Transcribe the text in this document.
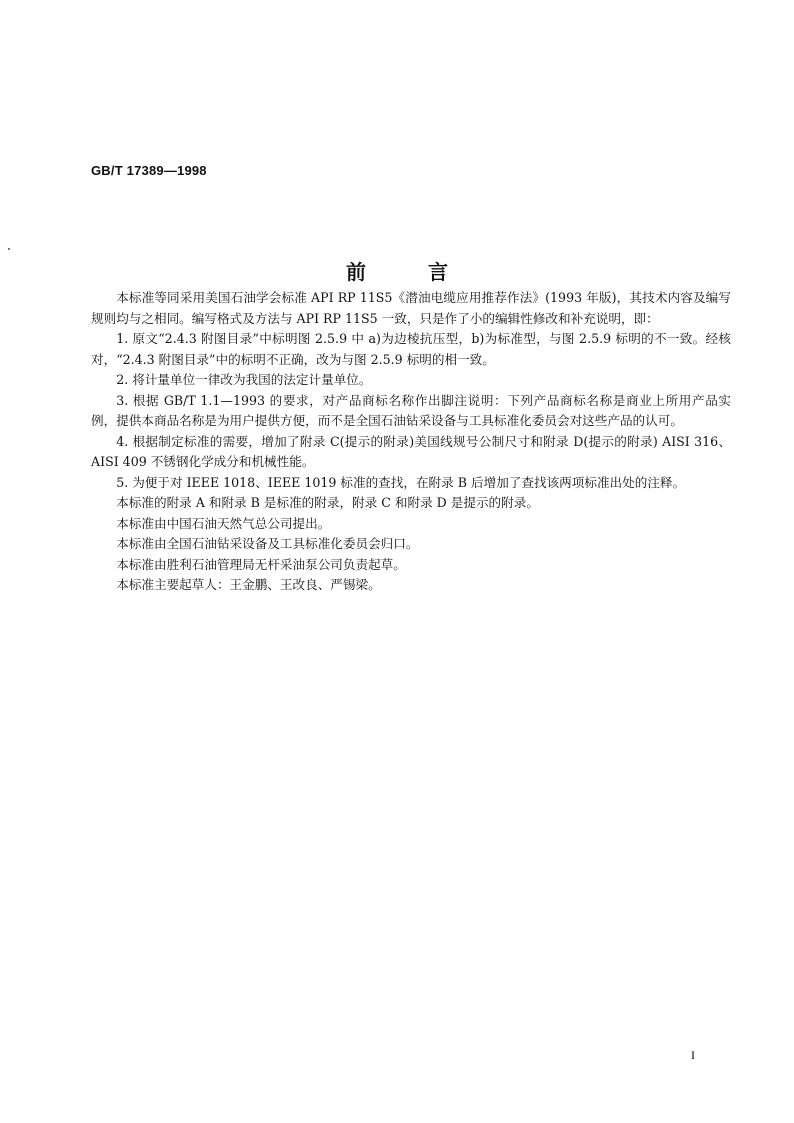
GB/T 17389—1998
前	言

本标准等同采用美国石油学会标准 API RP 11S5《潜油电缆应用推荐作法》(1993 年版)，其技术内容及编写规则均与之相同。编写格式及方法与 API RP 11S5 一致，只是作了小的编辑性修改和补充说明，即：

1. 原文“2.4.3 附图目录”中标明图 2.5.9 中 a)为边棱抗压型，b)为标准型，与图 2.5.9 标明的不一致。经核对，“2.4.3 附图目录”中的标明不正确，改为与图 2.5.9 标明的相一致。

2. 将计量单位一律改为我国的法定计量单位。

3. 根据 GB/T 1.1—1993 的要求，对产品商标名称作出脚注说明：下列产品商标名称是商业上所用产品实例，提供本商品名称是为用户提供方便，而不是全国石油钻采设备与工具标准化委员会对这些产品的认可。

4. 根据制定标准的需要，增加了附录 C(提示的附录)美国线规号公制尺寸和附录 D(提示的附录) AISI 316、AISI 409 不锈钢化学成分和机械性能。

5. 为便于对 IEEE 1018、IEEE 1019 标准的查找，在附录 B 后增加了查找该两项标准出处的注释。

本标准的附录 A 和附录 B 是标准的附录，附录 C 和附录 D 是提示的附录。

本标准由中国石油天然气总公司提出。

本标准由全国石油钻采设备及工具标准化委员会归口。

本标准由胜利石油管理局无杆采油泵公司负责起草。

本标准主要起草人：王金鹏、王改良、严锡梁。

I
